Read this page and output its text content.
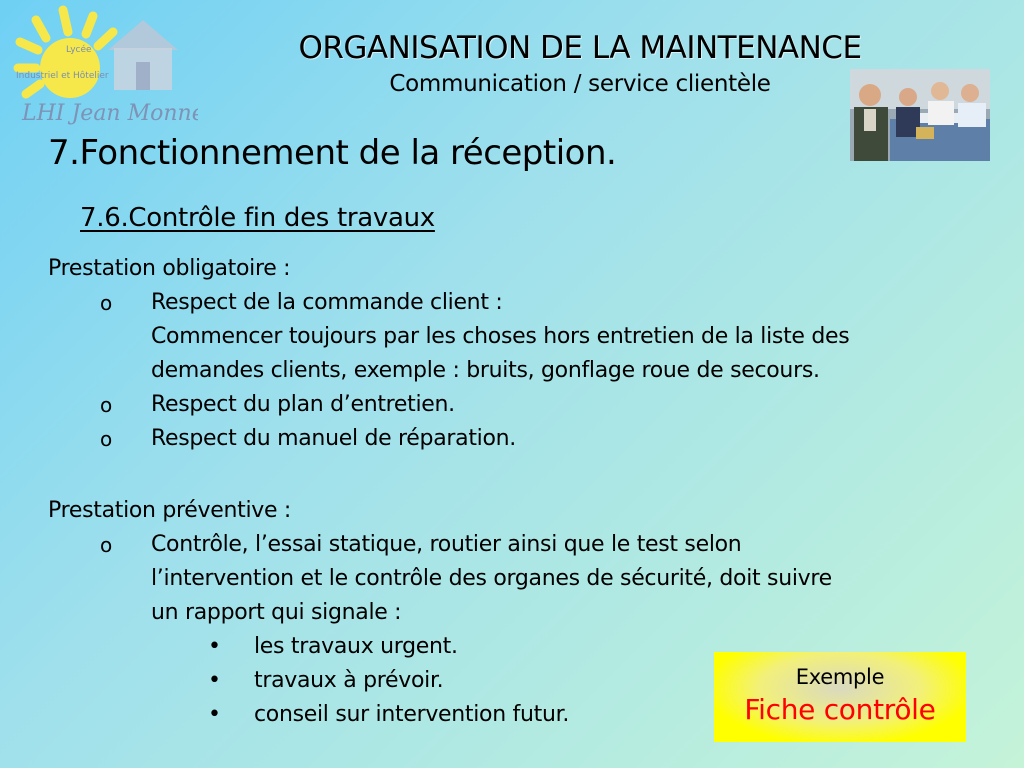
Lycée
Industriel et Hôtelier
LHI Jean Monnet
ORGANISATION DE LA MAINTENANCE
Communication / service clientèle
7.Fonctionnement de la réception.
7.6.Contrôle fin des travaux
Prestation obligatoire :
o Respect de la commande client :
Commencer toujours par les choses hors entretien de la liste des
demandes clients, exemple : bruits, gonflage roue de secours.
o Respect du plan d’entretien.
o Respect du manuel de réparation.
Prestation préventive :
o Contrôle, l’essai statique, routier ainsi que le test selon
l’intervention et le contrôle des organes de sécurité, doit suivre
un rapport qui signale :
• les travaux urgent.
• travaux à prévoir.
• conseil sur intervention futur.
Exemple
Fiche contrôle
